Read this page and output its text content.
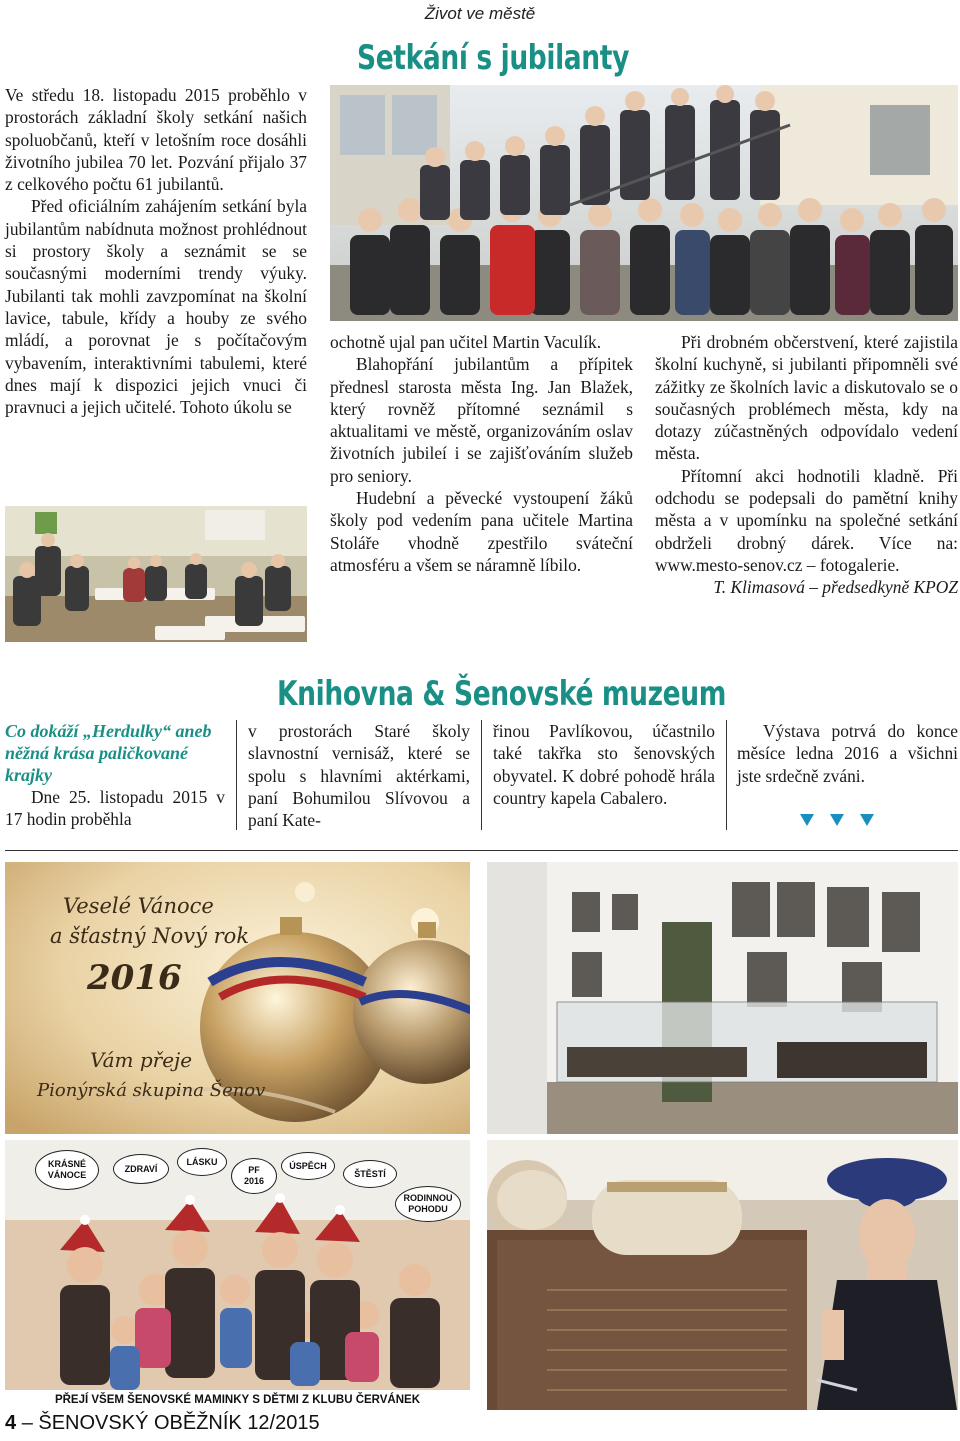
Život ve městě
Setkání s jubilanty

Ve středu 18. listopadu 2015 proběhlo v prostorách základní školy setkání našich spoluobčanů, kteří v letošním roce dosáhli životního jubilea 70 let. Pozvání přijalo 37 z celkového počtu 61 jubilantů.

Před oficiálním zahájením setkání byla jubilantům nabídnuta možnost prohlédnout si prostory školy a seznámit se se současnými moderními trendy výuky. Jubilanti tak mohli zavzpomínat na školní lavice, tabule, křídy a houby ze svého mládí, a porovnat je s počítačovým vybavením, interaktivními tabulemi, které dnes mají k dispozici jejich vnuci či pravnuci a jejich učitelé. Tohoto úkolu se

ochotně ujal pan učitel Martin Vaculík.

Blahopřání jubilantům a přípitek přednesl starosta města Ing. Jan Blažek, který rovněž přítomné seznámil s aktualitami ve městě, organizováním oslav životních jubileí i se zajišťováním služeb pro seniory.

Hudební a pěvecké vystoupení žáků školy pod vedením pana učitele Martina Stoláře vhodně zpestřilo sváteční atmosféru a všem se náramně líbilo.

Při drobném občerstvení, které zajistila školní kuchyně, si jubilanti připomněli své zážitky ze školních lavic a diskutovalo se o současných problémech města, kdy na dotazy zúčastněných odpovídalo vedení města.

Přítomní akci hodnotili kladně. Při odchodu se podepsali do pamětní knihy města a v upomínku na společné setkání obdrželi drobný dárek. Více na: www.mesto-senov.cz – fotogalerie.

T. Klimasová – předsedkyně KPOZ

Knihovna & Šenovské muzeum

Co dokáží „Herdulky“ aneb něžná krása paličkované krajky

Dne 25. listopadu 2015 v 17 hodin proběhla

v prostorách Staré školy slavnostní vernisáž, které se spolu s hlavními aktérkami, paní Bohumilou Slívovou a paní Kate-

řinou Pavlíkovou, účastnilo také takřka sto šenovských obyvatel. K dobré pohodě hrála country kapela Cabalero.

Výstava potrvá do konce měsíce ledna 2016 a všichni jste srdečně zváni.

Veselé Vánoce
a šťastný Nový rok
2016
Vám přeje
Pionýrská skupina Šenov
KRÁSNÉ VÁNOCE
ZDRAVÍ
LÁSKU
PF 2016
ÚSPĚCH
ŠTĚSTÍ
RODINNOU POHODU
PŘEJÍ VŠEM ŠENOVSKÉ MAMINKY S DĚTMI Z KLUBU ČERVÁNEK
4 – ŠENOVSKÝ OBĚŽNÍK 12/2015
